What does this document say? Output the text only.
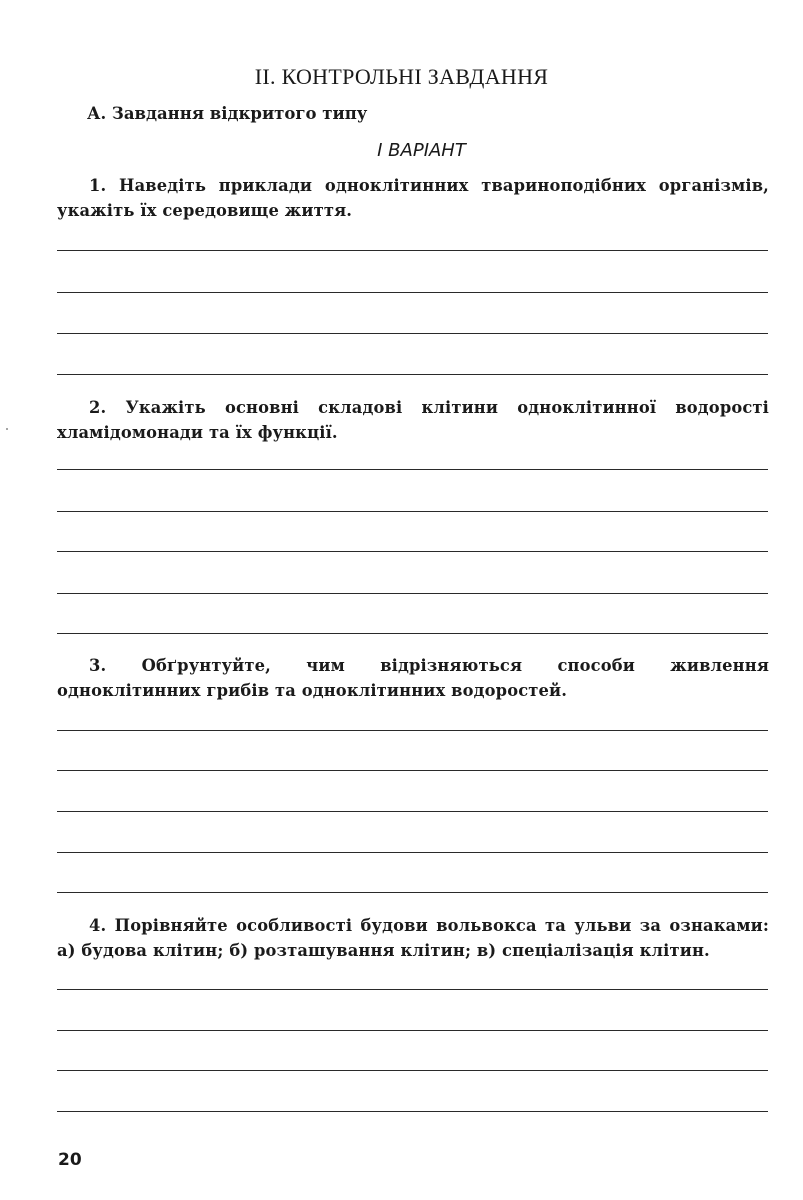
II. КОНТРОЛЬНІ ЗАВДАННЯ
А. Завдання відкритого типу
І ВАРІАНТ
1. Наведіть приклади одноклітинних твариноподібних організмів, укажіть їх середовище життя.
2. Укажіть основні складові клітини одноклітинної водорості хламідомонади та їх функції.
3. Обґрунтуйте, чим відрізняються способи живлення одноклітинних грибів та одноклітинних водоростей.
4. Порівняйте особливості будови вольвокса та ульви за ознаками: а) будова клітин; б) розташування клітин; в) спеціалізація клітин.
20
